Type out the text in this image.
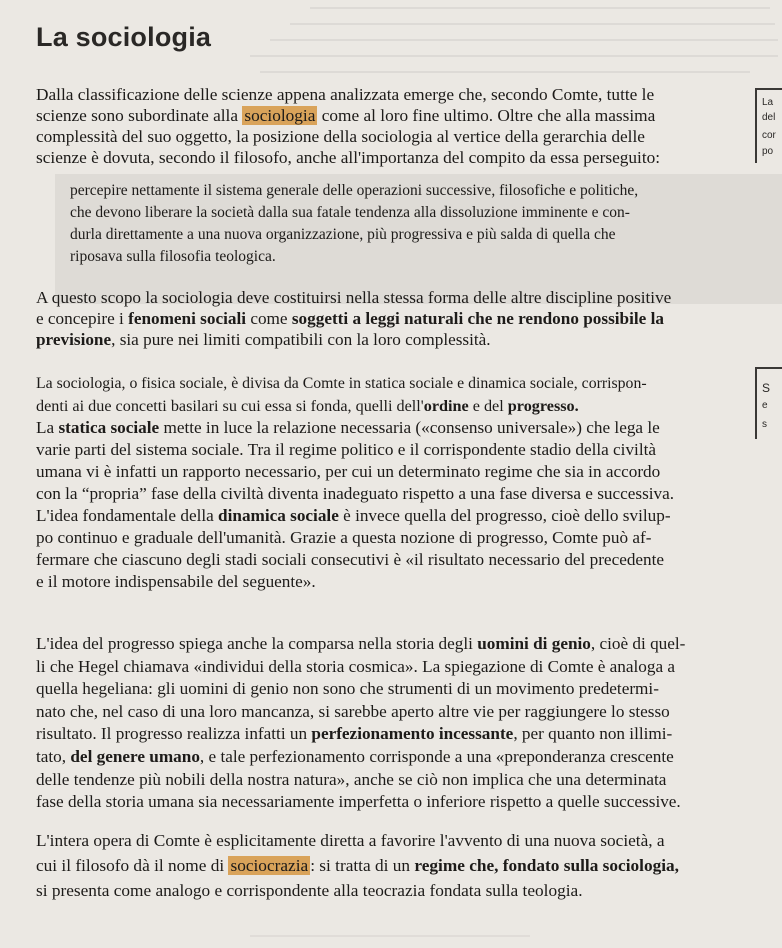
La sociologia
Dalla classificazione delle scienze appena analizzata emerge che, secondo Comte, tutte le
scienze sono subordinate alla sociologia come al loro fine ultimo. Oltre che alla massima
complessità del suo oggetto, la posizione della sociologia al vertice della gerarchia delle
scienze è dovuta, secondo il filosofo, anche all'importanza del compito da essa perseguito:
percepire nettamente il sistema generale delle operazioni successive, filosofiche e politiche,
che devono liberare la società dalla sua fatale tendenza alla dissoluzione imminente e con-
durla direttamente a una nuova organizzazione, più progressiva e più salda di quella che
riposava sulla filosofia teologica.
A questo scopo la sociologia deve costituirsi nella stessa forma delle altre discipline positive
e concepire i fenomeni sociali come soggetti a leggi naturali che ne rendono possibile la
previsione, sia pure nei limiti compatibili con la loro complessità.
La sociologia, o fisica sociale, è divisa da Comte in statica sociale e dinamica sociale, corrispon-
denti ai due concetti basilari su cui essa si fonda, quelli dell'ordine e del progresso.
La statica sociale mette in luce la relazione necessaria («consenso universale») che lega le
varie parti del sistema sociale. Tra il regime politico e il corrispondente stadio della civiltà
umana vi è infatti un rapporto necessario, per cui un determinato regime che sia in accordo
con la “propria” fase della civiltà diventa inadeguato rispetto a una fase diversa e successiva.
L'idea fondamentale della dinamica sociale è invece quella del progresso, cioè dello svilup-
po continuo e graduale dell'umanità. Grazie a questa nozione di progresso, Comte può af-
fermare che ciascuno degli stadi sociali consecutivi è «il risultato necessario del precedente
e il motore indispensabile del seguente».
L'idea del progresso spiega anche la comparsa nella storia degli uomini di genio, cioè di quel-
li che Hegel chiamava «individui della storia cosmica». La spiegazione di Comte è analoga a
quella hegeliana: gli uomini di genio non sono che strumenti di un movimento predetermi-
nato che, nel caso di una loro mancanza, si sarebbe aperto altre vie per raggiungere lo stesso
risultato. Il progresso realizza infatti un perfezionamento incessante, per quanto non illimi-
tato, del genere umano, e tale perfezionamento corrisponde a una «preponderanza crescente
delle tendenze più nobili della nostra natura», anche se ciò non implica che una determinata
fase della storia umana sia necessariamente imperfetta o inferiore rispetto a quelle successive.
L'intera opera di Comte è esplicitamente diretta a favorire l'avvento di una nuova società, a
cui il filosofo dà il nome di sociocrazia : si tratta di un regime che, fondato sulla sociologia,
si presenta come analogo e corrispondente alla teocrazia fondata sulla teologia.
La
del
cor
po
S
e
s
